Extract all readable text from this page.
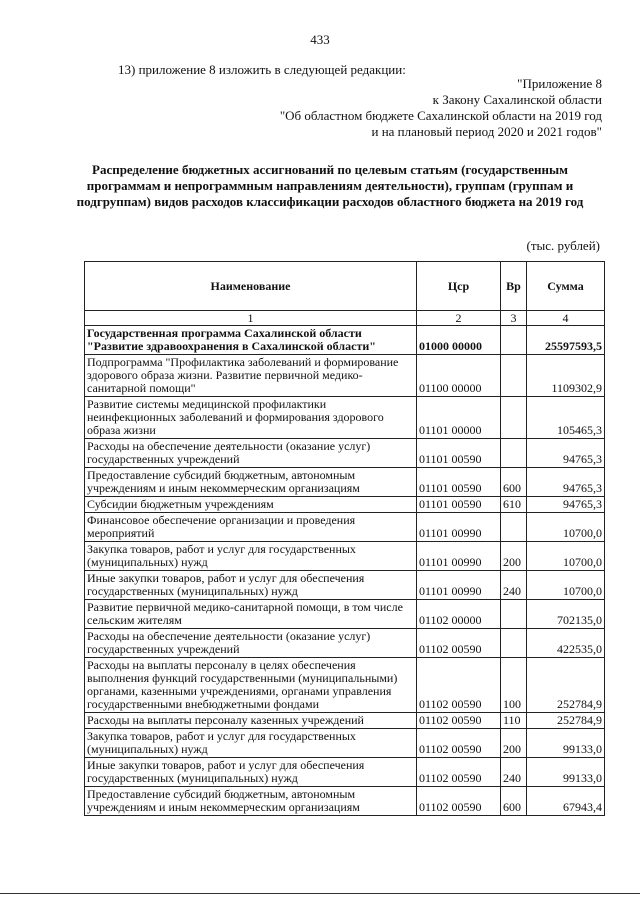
433
13) приложение 8 изложить в следующей редакции:
"Приложение 8
к Закону Сахалинской области
"Об областном бюджете Сахалинской области на 2019 год
и на плановый период 2020 и 2021 годов"
Распределение бюджетных ассигнований по целевым статьям (государственным программам и непрограммным направлениям деятельности), группам (группам и подгруппам) видов расходов классификации расходов областного бюджета на 2019 год
(тыс. рублей)
Наименование	Цср	Вр	Сумма
1	2	3	4
Государственная программа Сахалинской области "Развитие здравоохранения в Сахалинской области"	01000 00000		25597593,5
Подпрограмма "Профилактика заболеваний и формирование здорового образа жизни. Развитие первичной медико-санитарной помощи"	01100 00000		1109302,9
Развитие системы медицинской профилактики неинфекционных заболеваний и формирования здорового образа жизни	01101 00000		105465,3
Расходы на обеспечение деятельности (оказание услуг) государственных учреждений	01101 00590		94765,3
Предоставление субсидий бюджетным, автономным учреждениям и иным некоммерческим организациям	01101 00590	600	94765,3
Субсидии бюджетным учреждениям	01101 00590	610	94765,3
Финансовое обеспечение организации и проведения мероприятий	01101 00990		10700,0
Закупка товаров, работ и услуг для государственных (муниципальных) нужд	01101 00990	200	10700,0
Иные закупки товаров, работ и услуг для обеспечения государственных (муниципальных) нужд	01101 00990	240	10700,0
Развитие первичной медико-санитарной помощи, в том числе сельским жителям	01102 00000		702135,0
Расходы на обеспечение деятельности (оказание услуг) государственных учреждений	01102 00590		422535,0
Расходы на выплаты персоналу в целях обеспечения выполнения функций государственными (муниципальными) органами, казенными учреждениями, органами управления государственными внебюджетными фондами	01102 00590	100	252784,9
Расходы на выплаты персоналу казенных учреждений	01102 00590	110	252784,9
Закупка товаров, работ и услуг для государственных (муниципальных) нужд	01102 00590	200	99133,0
Иные закупки товаров, работ и услуг для обеспечения государственных (муниципальных) нужд	01102 00590	240	99133,0
Предоставление субсидий бюджетным, автономным учреждениям и иным некоммерческим организациям	01102 00590	600	67943,4
